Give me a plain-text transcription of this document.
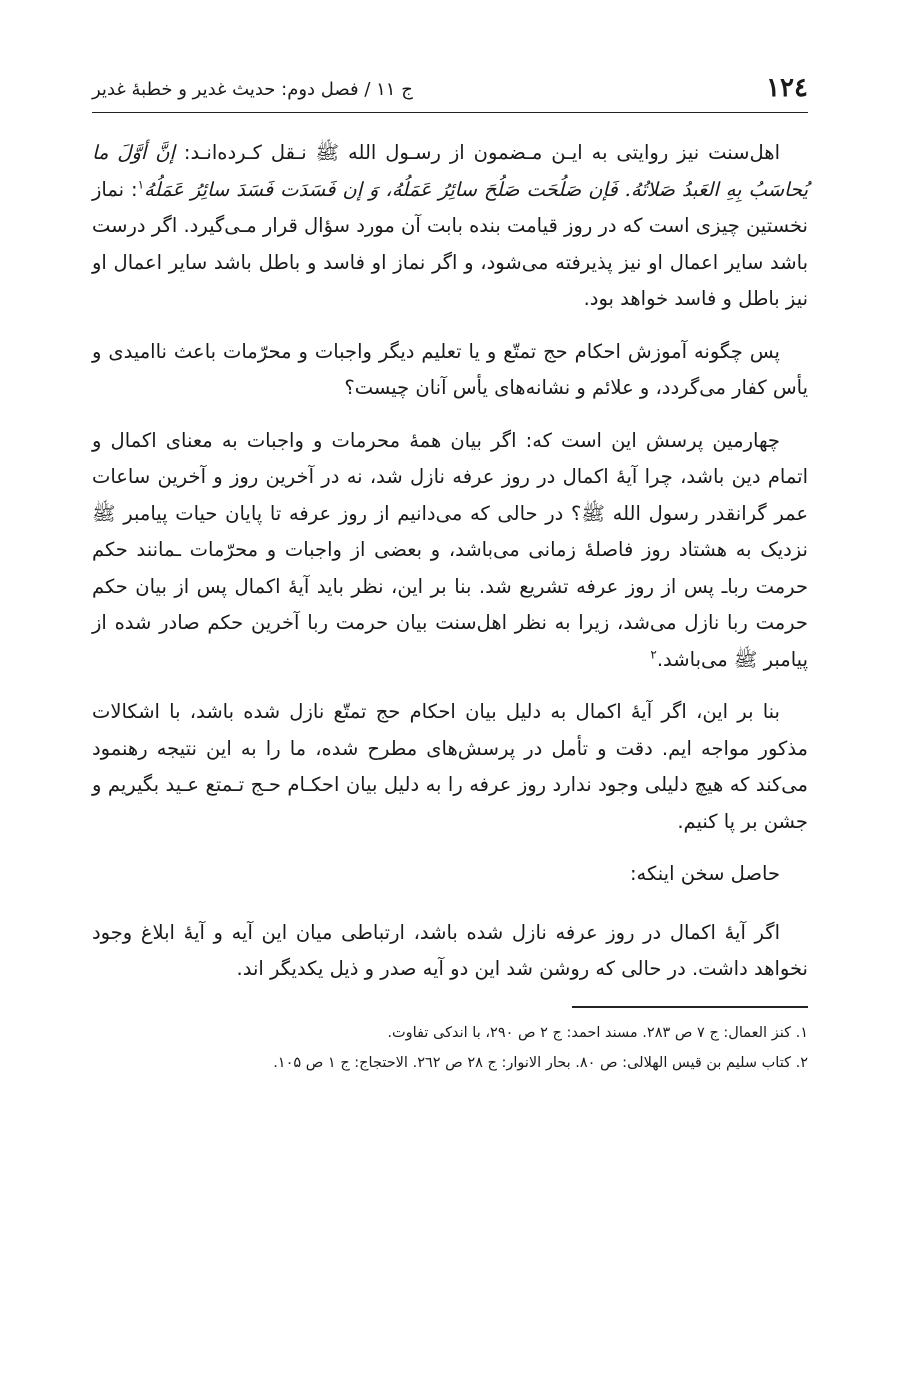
۱۲٤
ج ۱۱ / فصل دوم: حدیث غدیر و خطبهٔ غدیر

اهل‌سنت نیز روایتی به ایـن مـضمون از رسـول الله ﷺ نـقل کـرده‌انـد: إنَّ أوَّلَ ما یُحاسَبُ بِهِ العَبدُ صَلاتُهُ. فَإن صَلُحَت صَلُحَ سائِرُ عَمَلُهُ، وَ إن فَسَدَت فَسَدَ سائِرُ عَمَلُهُ$^۱$: نماز نخستین چیزی است که در روز قیامت بنده بابت آن مورد سؤال قرار مـی‌گیرد. اگر درست باشد سایر اعمال او نیز پذیرفته می‌شود، و اگر نماز او فاسد و باطل باشد سایر اعمال او نیز باطل و فاسد خواهد بود.

پس چگونه آموزش احکام حج تمتّع و یا تعلیم دیگر واجبات و محرّمات باعث ناامیدی و یأس کفار می‌گردد، و علائم و نشانه‌های یأس آنان چیست؟

چهارمین پرسش این است که: اگر بیان همهٔ محرمات و واجبات به معنای اکمال و اتمام دین باشد، چرا آیهٔ اکمال در روز عرفه نازل شد، نه در آخرین روز و آخرین ساعات عمر گرانقدر رسول الله ﷺ؟ در حالی که می‌دانیم از روز عرفه تا پایان حیات پیامبر ﷺ نزدیک به هشتاد روز فاصلهٔ زمانی می‌باشد، و بعضی از واجبات و محرّمات ـمانند حکم حرمت رباـ پس از روز عرفه تشریع شد. بنا بر این، نظر باید آیهٔ اکمال پس از بیان حکم حرمت ربا نازل می‌شد، زیرا به نظر اهل‌سنت بیان حرمت ربا آخرین حکم صادر شده از پیامبر ﷺ می‌باشد.$^۲$

بنا بر این، اگر آیهٔ اکمال به دلیل بیان احکام حج تمتّع نازل شده باشد، با اشکالات مذکور مواجه ایم. دقت و تأمل در پرسش‌های مطرح شده، ما را به این نتیجه رهنمود می‌کند که هیچ دلیلی وجود ندارد روز عرفه را به دلیل بیان احکـام حـج تـمتع عـید بگیریم و جشن بر پا کنیم.

حاصل سخن اینکه:

اگر آیهٔ اکمال در روز عرفه نازل شده باشد، ارتباطی میان این آیه و آیهٔ ابلاغ وجود نخواهد داشت. در حالی که روشن شد این دو آیه صدر و ذیل یکدیگر اند.

۱. کنز العمال: ج ۷ ص ۲۸۳. مسند احمد: ج ۲ ص ۲۹۰، با اندکی تفاوت.

۲. کتاب سلیم بن قیس الهلالی: ص ۸۰. بحار الانوار: ج ۲۸ ص ۲٦۲. الاحتجاج: ج ۱ ص ۱۰۵.
